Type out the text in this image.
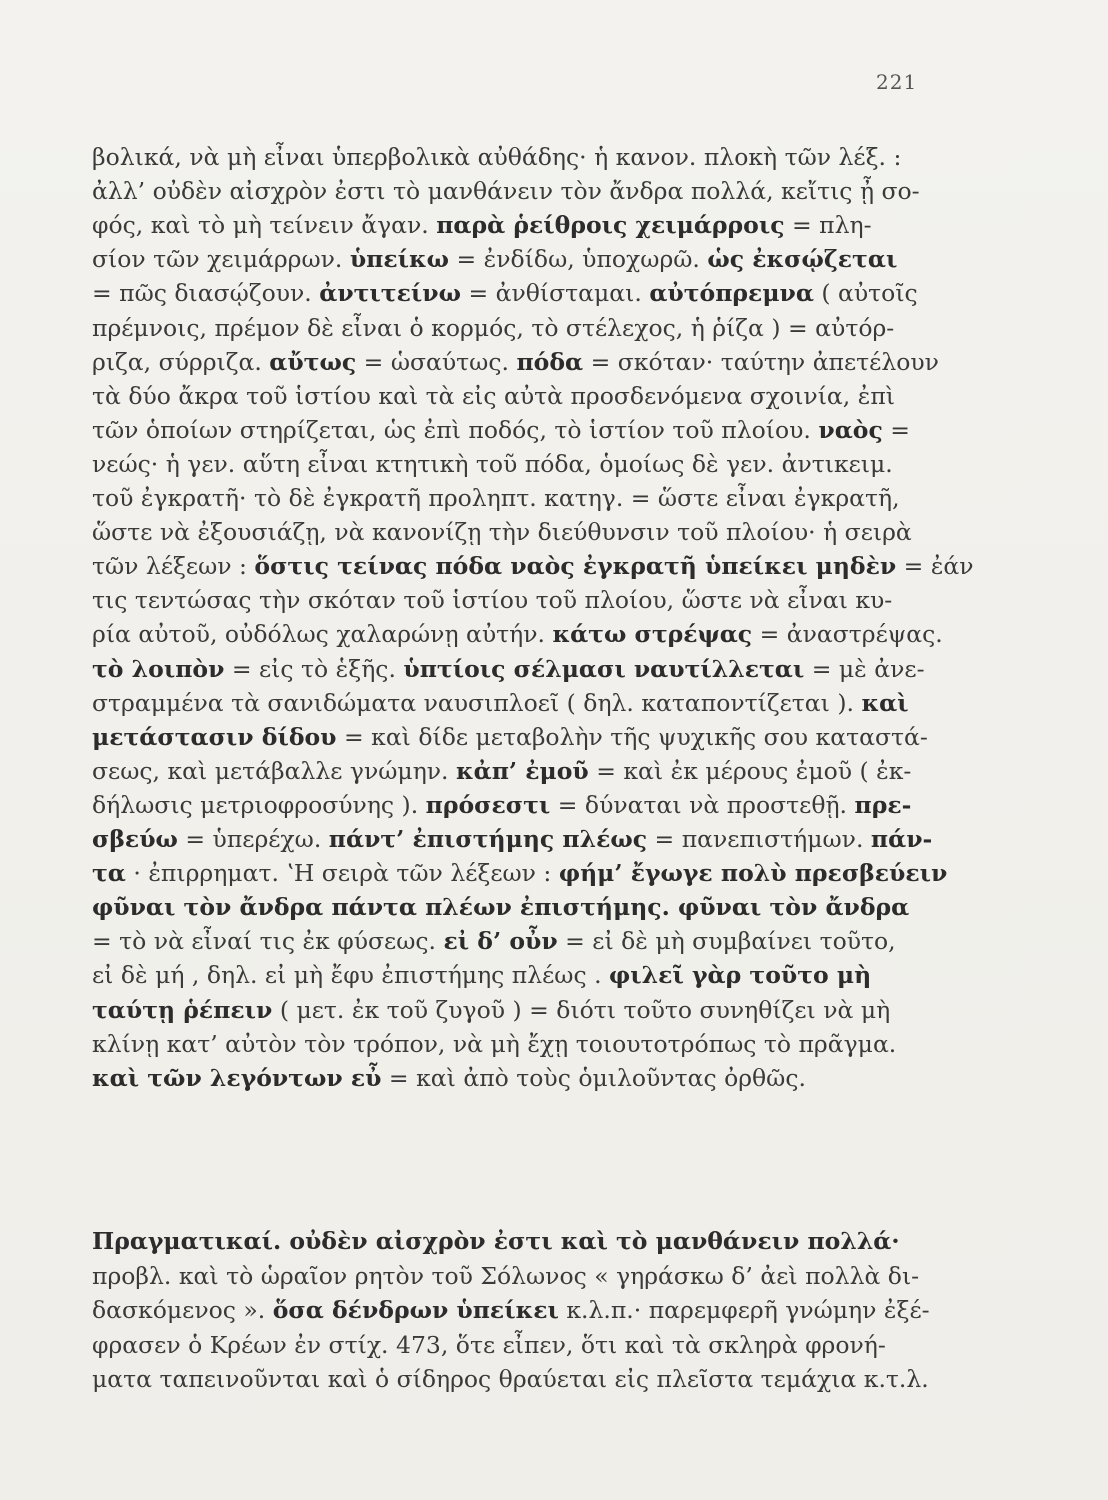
221
βολικά, νὰ μὴ εἶναι ὑπερβολικὰ αὐθάδης· ἡ κανον. πλοκὴ τῶν λέξ. :
ἀλλ’ οὐδὲν αἰσχρὸν ἐστι τὸ μανθάνειν τὸν ἄνδρα πολλά, κεἴτις ᾖ σο-
φός, καὶ τὸ μὴ τείνειν ἄγαν. παρὰ ῥείθροις χειμάρροις = πλη-
σίον τῶν χειμάρρων. ὑπείκω = ἐνδίδω, ὑποχωρῶ. ὡς ἐκσῴζεται
= πῶς διασῴζουν. ἀντιτείνω = ἀνθίσταμαι. αὐτόπρεμνα ( αὐτοῖς
πρέμνοις, πρέμον δὲ εἶναι ὁ κορμός, τὸ στέλεχος, ἡ ῥίζα ) = αὐτόρ-
ριζα, σύρριζα. αὔτως = ὡσαύτως. πόδα = σκόταν· ταύτην ἀπετέλουν
τὰ δύο ἄκρα τοῦ ἱστίου καὶ τὰ εἰς αὐτὰ προσδενόμενα σχοινία, ἐπὶ
τῶν ὁποίων στηρίζεται, ὡς ἐπὶ ποδός, τὸ ἱστίον τοῦ πλοίου. ναὸς =
νεώς· ἡ γεν. αὕτη εἶναι κτητικὴ τοῦ πόδα, ὁμοίως δὲ γεν. ἀντικειμ.
τοῦ ἐγκρατῆ· τὸ δὲ ἐγκρατῆ προληπτ. κατηγ. = ὥστε εἶναι ἐγκρατῆ,
ὥστε νὰ ἐξουσιάζῃ, νὰ κανονίζῃ τὴν διεύθυνσιν τοῦ πλοίου· ἡ σειρὰ
τῶν λέξεων : ὅστις τείνας πόδα ναὸς ἐγκρατῆ ὑπείκει μηδὲν = ἐάν
τις τεντώσας τὴν σκόταν τοῦ ἱστίου τοῦ πλοίου, ὥστε νὰ εἶναι κυ-
ρία αὐτοῦ, οὐδόλως χαλαρώνῃ αὐτήν. κάτω στρέψας = ἀναστρέψας.
τὸ λοιπὸν = εἰς τὸ ἑξῆς. ὑπτίοις σέλμασι ναυτίλλεται = μὲ ἀνε-
στραμμένα τὰ σανιδώματα ναυσιπλοεῖ ( δηλ. καταποντίζεται ). καὶ
μετάστασιν δίδου = καὶ δίδε μεταβολὴν τῆς ψυχικῆς σου καταστά-
σεως, καὶ μετάβαλλε γνώμην. κἀπ’ ἐμοῦ = καὶ ἐκ μέρους ἐμοῦ ( ἐκ-
δήλωσις μετριοφροσύνης ). πρόσεστι = δύναται νὰ προστεθῇ. πρε-
σβεύω = ὑπερέχω. πάντ’ ἐπιστήμης πλέως = πανεπιστήμων. πάν-
τα · ἐπιρρηματ. ʽΗ σειρὰ τῶν λέξεων : φήμ’ ἔγωγε πολὺ πρεσβεύειν
φῦναι τὸν ἄνδρα πάντα πλέων ἐπιστήμης. φῦναι τὸν ἄνδρα
= τὸ νὰ εἶναί τις ἐκ φύσεως. εἰ δ’ οὖν = εἰ δὲ μὴ συμβαίνει τοῦτο,
εἰ δὲ μή , δηλ. εἰ μὴ ἔφυ ἐπιστήμης πλέως . φιλεῖ γὰρ τοῦτο μὴ
ταύτῃ ῥέπειν ( μετ. ἐκ τοῦ ζυγοῦ ) = διότι τοῦτο συνηθίζει νὰ μὴ
κλίνῃ κατ’ αὐτὸν τὸν τρόπον, νὰ μὴ ἔχῃ τοιουτοτρόπως τὸ πρᾶγμα.
καὶ τῶν λεγόντων εὖ = καὶ ἀπὸ τοὺς ὁμιλοῦντας ὀρθῶς.
Πραγματικαί. οὐδὲν αἰσχρὸν ἐστι καὶ τὸ μανθάνειν πολλά·
προβλ. καὶ τὸ ὡραῖον ρητὸν τοῦ Σόλωνος « γηράσκω δ’ ἀεὶ πολλὰ δι-
δασκόμενος ». ὅσα δένδρων ὑπείκει κ.λ.π.· παρεμφερῆ γνώμην ἐξέ-
φρασεν ὁ Κρέων ἐν στίχ. 473, ὅτε εἶπεν, ὅτι καὶ τὰ σκληρὰ φρονή-
ματα ταπεινοῦνται καὶ ὁ σίδηρος θραύεται εἰς πλεῖστα τεμάχια κ.τ.λ.
